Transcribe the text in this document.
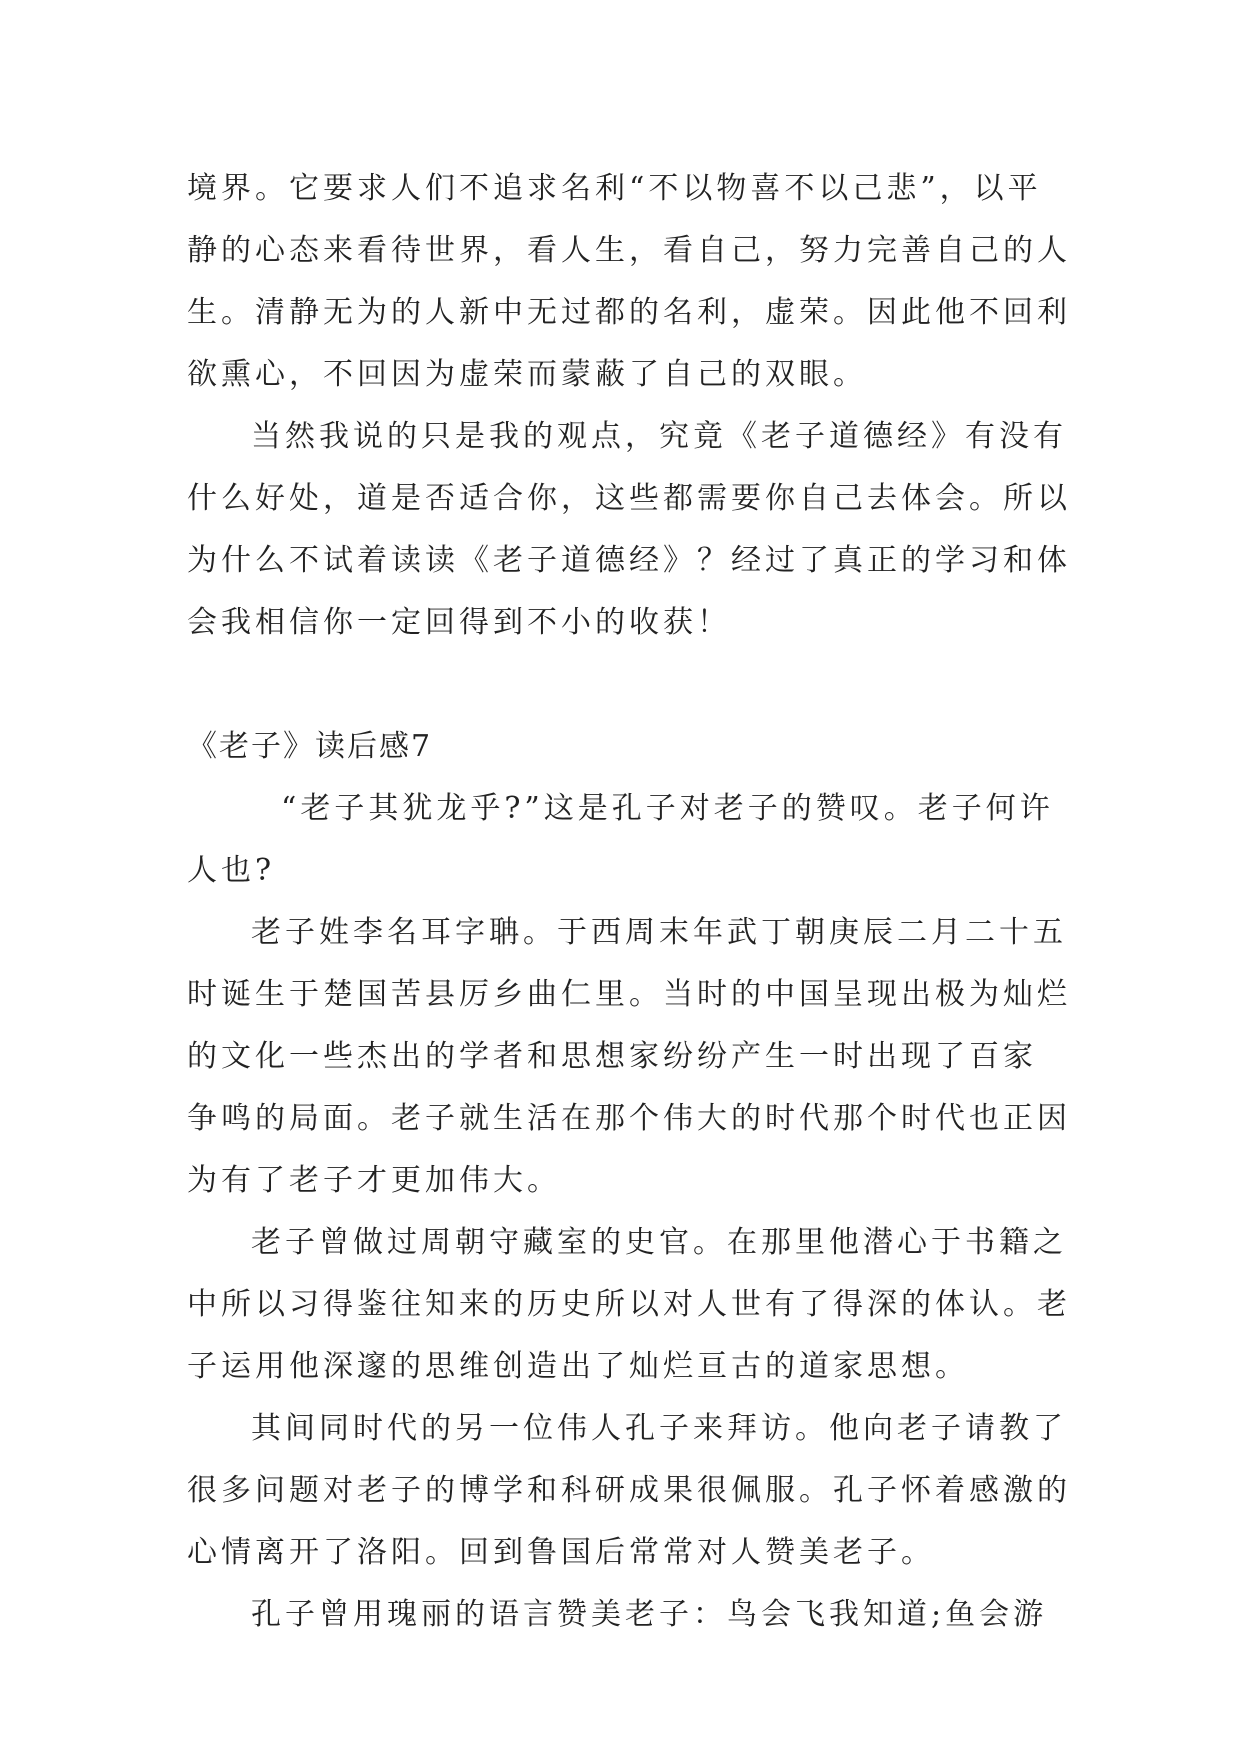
境界。它要求人们不追求名利“不以物喜不以己悲”，以平
静的心态来看待世界，看人生，看自己，努力完善自己的人
生。清静无为的人新中无过都的名利，虚荣。因此他不回利
欲熏心，不回因为虚荣而蒙蔽了自己的双眼。
当然我说的只是我的观点，究竟《老子道德经》有没有
什么好处，道是否适合你，这些都需要你自己去体会。所以
为什么不试着读读《老子道德经》？经过了真正的学习和体
会我相信你一定回得到不小的收获！
《老子》读后感7
“老子其犹龙乎?”这是孔子对老子的赞叹。老子何许
人也?
老子姓李名耳字聃。于西周末年武丁朝庚辰二月二十五
时诞生于楚国苦县厉乡曲仁里。当时的中国呈现出极为灿烂
的文化一些杰出的学者和思想家纷纷产生一时出现了百家
争鸣的局面。老子就生活在那个伟大的时代那个时代也正因
为有了老子才更加伟大。
老子曾做过周朝守藏室的史官。在那里他潜心于书籍之
中所以习得鉴往知来的历史所以对人世有了得深的体认。老
子运用他深邃的思维创造出了灿烂亘古的道家思想。
其间同时代的另一位伟人孔子来拜访。他向老子请教了
很多问题对老子的博学和科研成果很佩服。孔子怀着感激的
心情离开了洛阳。回到鲁国后常常对人赞美老子。
孔子曾用瑰丽的语言赞美老子：鸟会飞我知道;鱼会游
